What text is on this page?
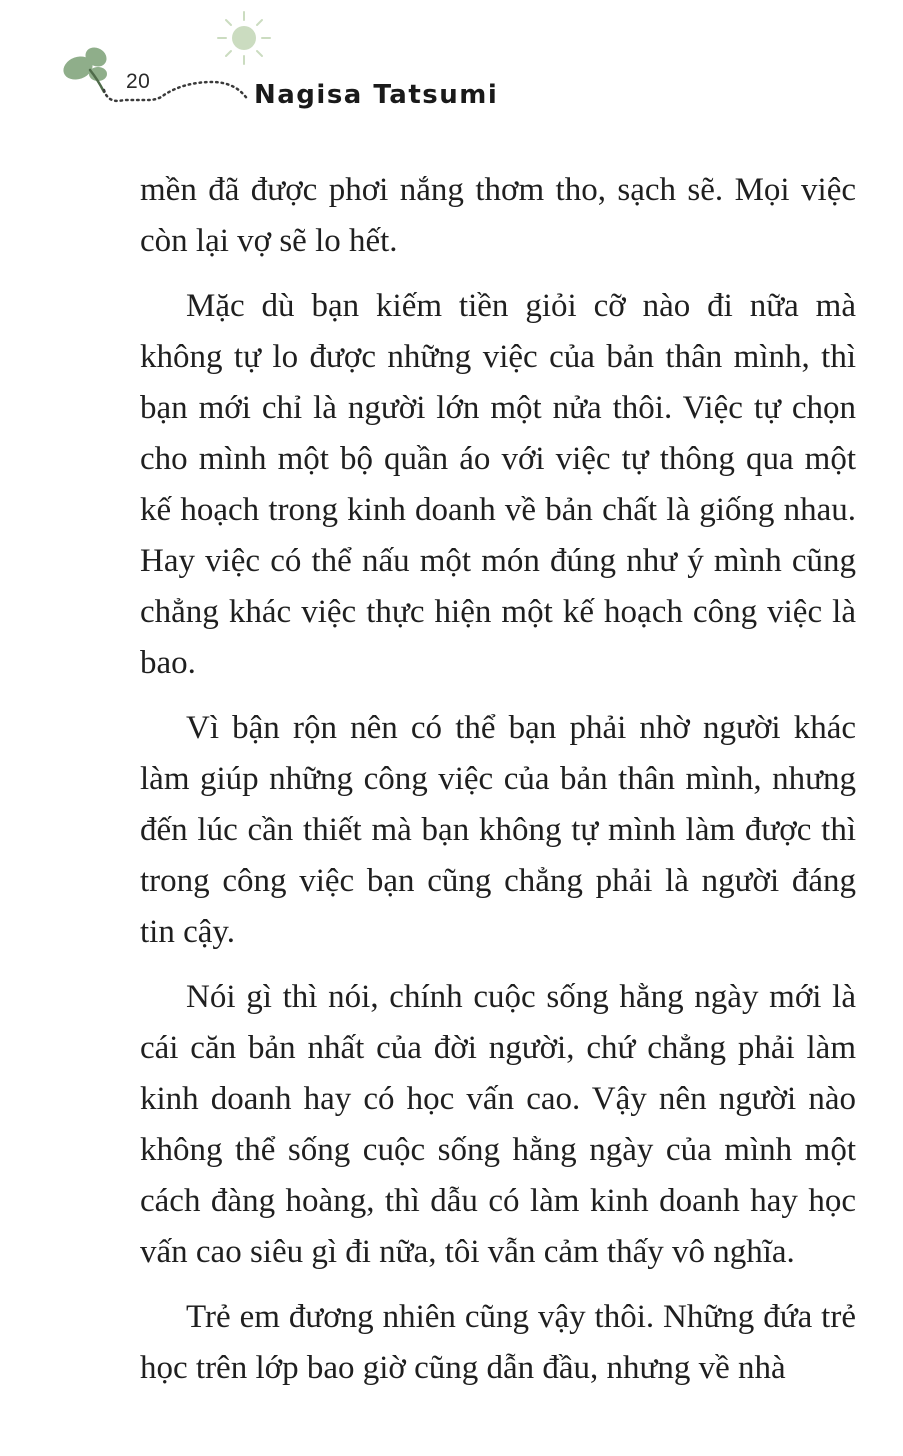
20	Nagisa Tatsumi

mền đã được phơi nắng thơm tho, sạch sẽ. Mọi việc còn lại vợ sẽ lo hết.

Mặc dù bạn kiếm tiền giỏi cỡ nào đi nữa mà không tự lo được những việc của bản thân mình, thì bạn mới chỉ là người lớn một nửa thôi. Việc tự chọn cho mình một bộ quần áo với việc tự thông qua một kế hoạch trong kinh doanh về bản chất là giống nhau. Hay việc có thể nấu một món đúng như ý mình cũng chẳng khác việc thực hiện một kế hoạch công việc là bao.

Vì bận rộn nên có thể bạn phải nhờ người khác làm giúp những công việc của bản thân mình, nhưng đến lúc cần thiết mà bạn không tự mình làm được thì trong công việc bạn cũng chẳng phải là người đáng tin cậy.

Nói gì thì nói, chính cuộc sống hằng ngày mới là cái căn bản nhất của đời người, chứ chẳng phải làm kinh doanh hay có học vấn cao. Vậy nên người nào không thể sống cuộc sống hằng ngày của mình một cách đàng hoàng, thì dẫu có làm kinh doanh hay học vấn cao siêu gì đi nữa, tôi vẫn cảm thấy vô nghĩa.

Trẻ em đương nhiên cũng vậy thôi. Những đứa trẻ học trên lớp bao giờ cũng dẫn đầu, nhưng về nhà
